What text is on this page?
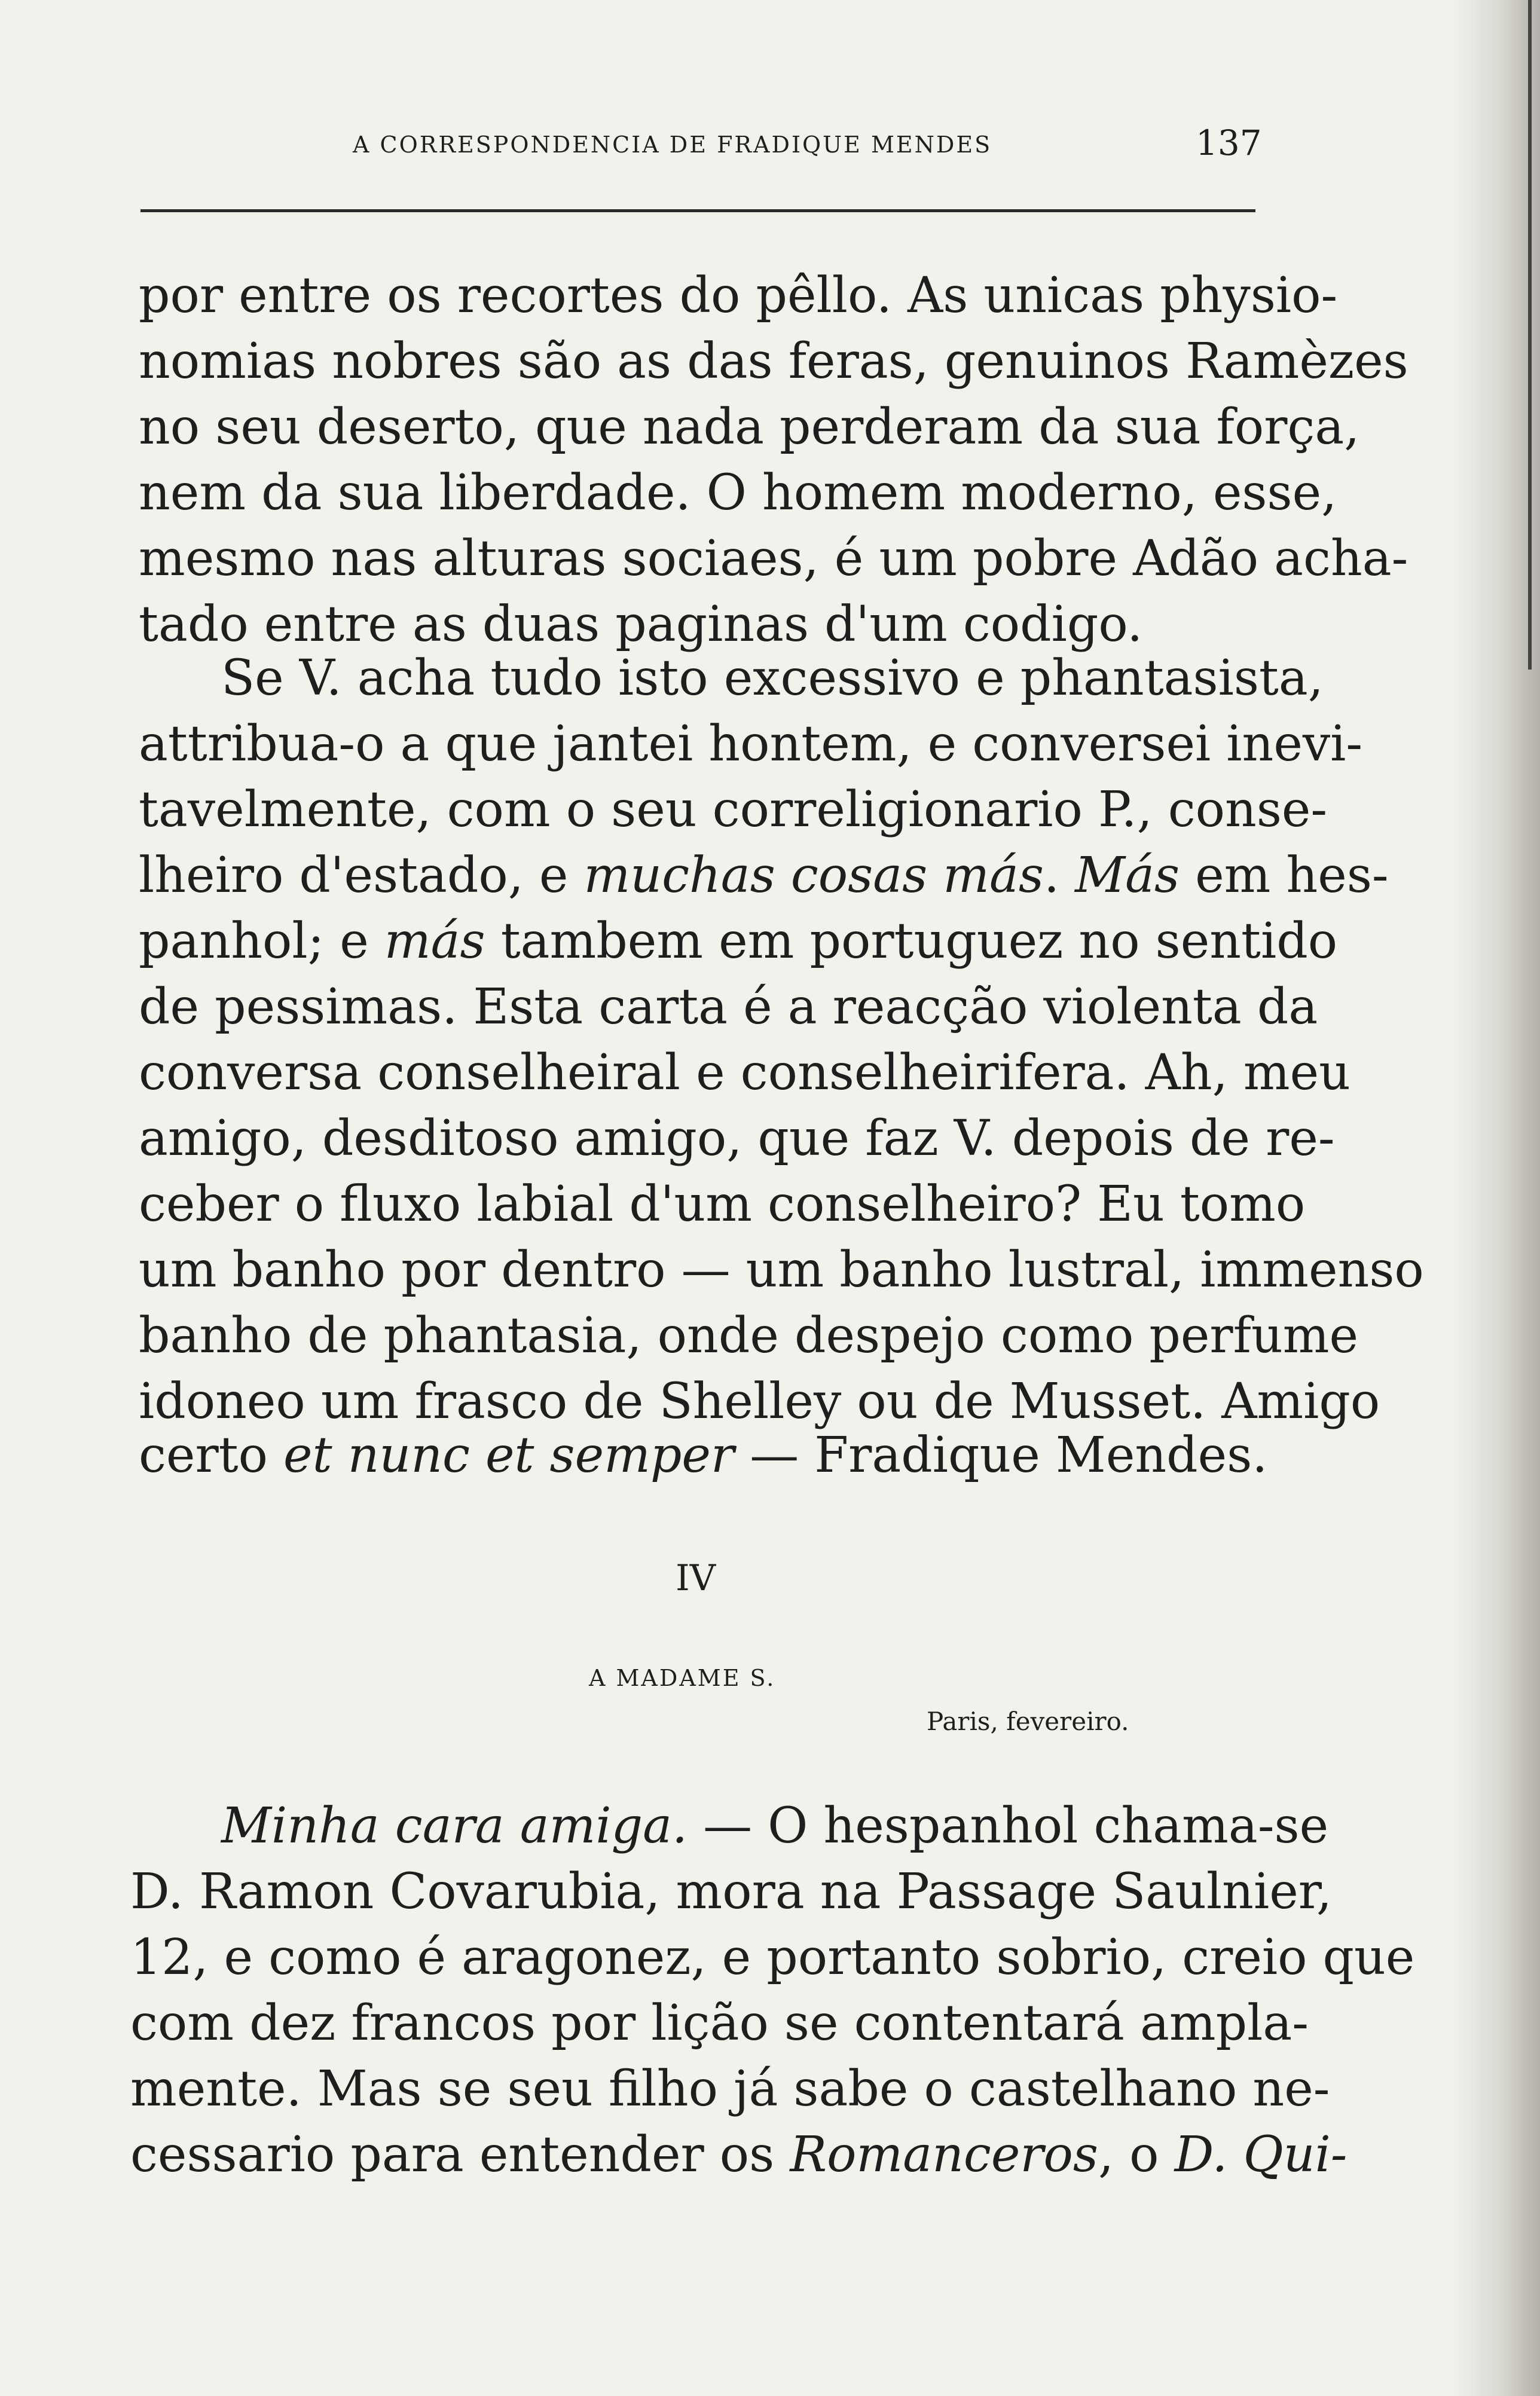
A CORRESPONDENCIA DE FRADIQUE MENDES	137
por entre os recortes do pêllo. As unicas physio-
nomias nobres são as das feras, genuinos Ramèzes
no seu deserto, que nada perderam da sua força,
nem da sua liberdade. O homem moderno, esse,
mesmo nas alturas sociaes, é um pobre Adão acha-
tado entre as duas paginas d'um codigo.
Se V. acha tudo isto excessivo e phantasista,
attribua-o a que jantei hontem, e conversei inevi-
tavelmente, com o seu correligionario P., conse-
lheiro d'estado, e muchas cosas más. Más em hes-
panhol; e más tambem em portuguez no sentido
de pessimas. Esta carta é a reacção violenta da
conversa conselheiral e conselheirifera. Ah, meu
amigo, desditoso amigo, que faz V. depois de re-
ceber o fluxo labial d'um conselheiro? Eu tomo
um banho por dentro — um banho lustral, immenso
banho de phantasia, onde despejo como perfume
idoneo um frasco de Shelley ou de Musset. Amigo
certo et nunc et semper — Fradique Mendes.
IV
A MADAME S.
Paris, fevereiro.
Minha cara amiga. — O hespanhol chama-se
D. Ramon Covarubia, mora na Passage Saulnier,
12, e como é aragonez, e portanto sobrio, creio que
com dez francos por lição se contentará ampla-
mente. Mas se seu filho já sabe o castelhano ne-
cessario para entender os Romanceros, o D. Qui-
